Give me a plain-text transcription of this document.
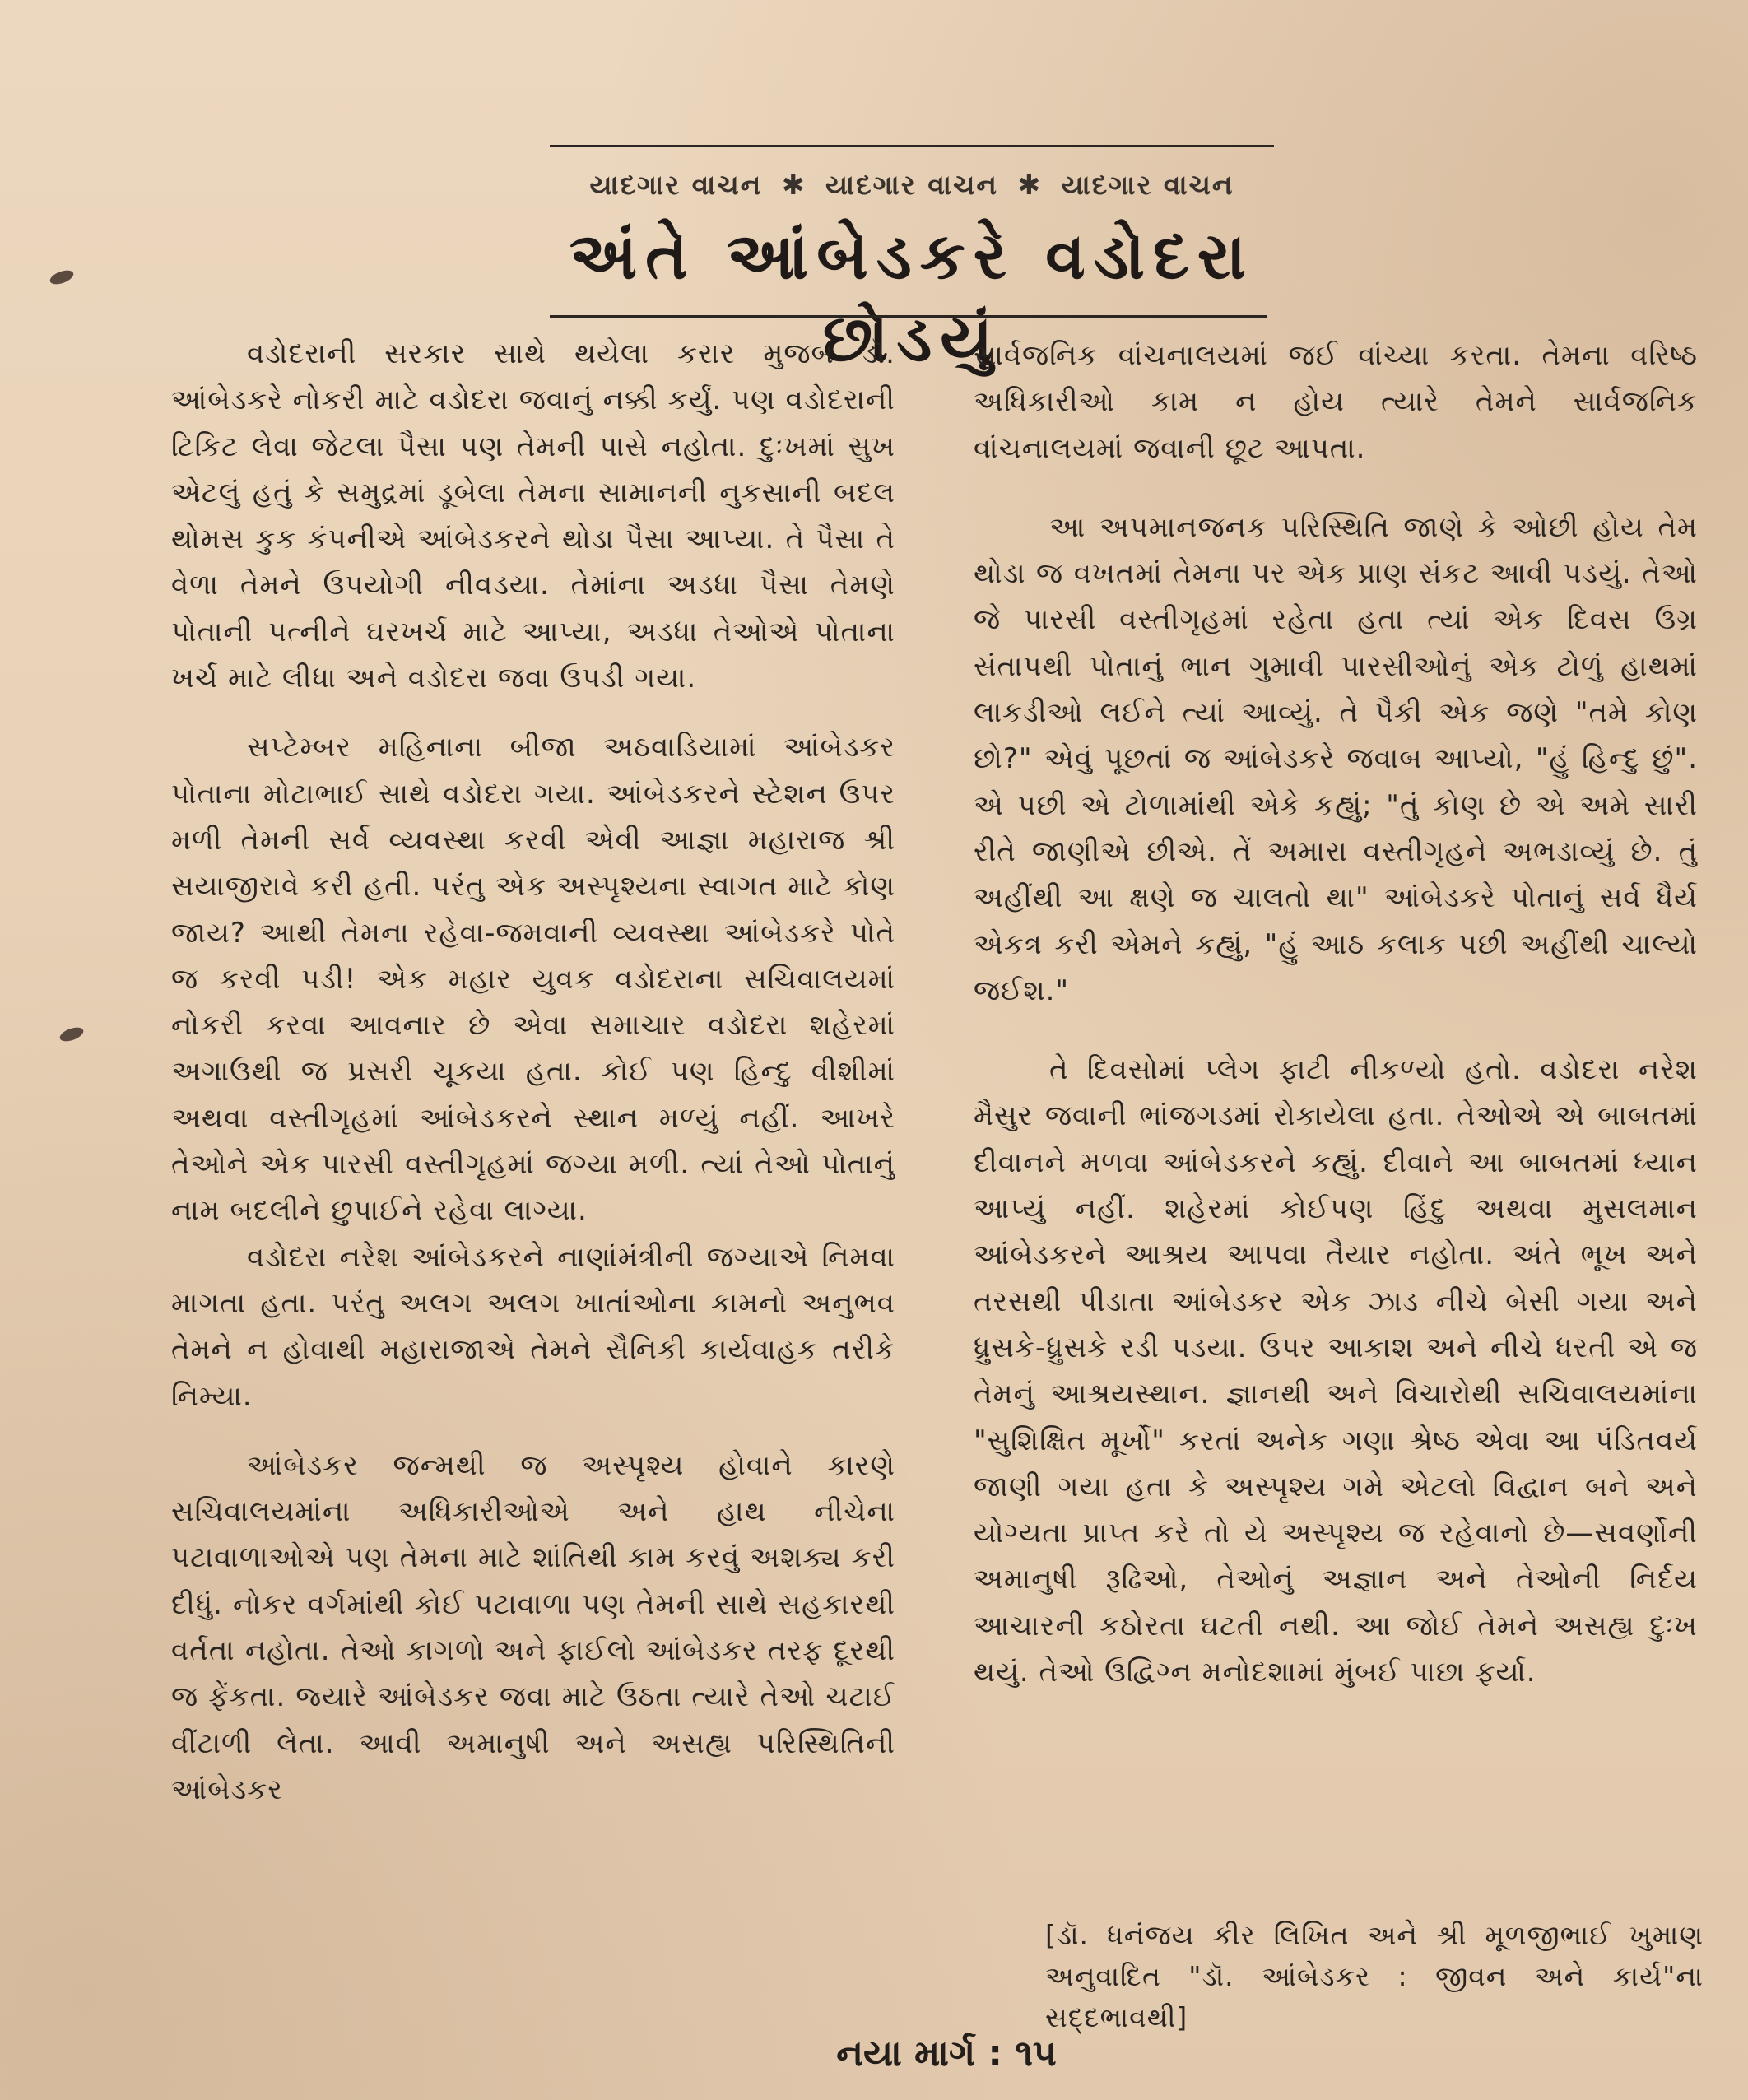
યાદગાર વાચન ✱ યાદગાર વાચન ✱ યાદગાર વાચન
અંતે આંબેડકરે વડોદરા છોડયું

વડોદરાની સરકાર સાથે થયેલા કરાર મુજબ ડૉ. આંબેડકરે નોકરી માટે વડોદરા જવાનું નક્કી કર્યું. પણ વડોદરાની ટિકિટ લેવા જેટલા પૈસા પણ તેમની પાસે નહોતા. દુઃખમાં સુખ એટલું હતું કે સમુદ્રમાં ડૂબેલા તેમના સામાનની નુકસાની બદલ થોમસ કુક કંપનીએ આંબેડકરને થોડા પૈસા આપ્યા. તે પૈસા તે વેળા તેમને ઉપયોગી નીવડયા. તેમાંના અડધા પૈસા તેમણે પોતાની પત્નીને ઘરખર્ચ માટે આપ્યા, અડધા તેઓએ પોતાના ખર્ચ માટે લીધા અને વડોદરા જવા ઉપડી ગયા.

સપ્ટેમ્બર મહિનાના બીજા અઠવાડિયામાં આંબેડકર પોતાના મોટાભાઈ સાથે વડોદરા ગયા. આંબેડકરને સ્ટેશન ઉપર મળી તેમની સર્વ વ્યવસ્થા કરવી એવી આજ્ઞા મહારાજ શ્રી સયાજીરાવે કરી હતી. પરંતુ એક અસ્પૃશ્યના સ્વાગત માટે કોણ જાય? આથી તેમના રહેવા-જમવાની વ્યવસ્થા આંબેડકરે પોતે જ કરવી પડી! એક મહાર યુવક વડોદરાના સચિવાલયમાં નોકરી કરવા આવનાર છે એવા સમાચાર વડોદરા શહેરમાં અગાઉથી જ પ્રસરી ચૂકયા હતા. કોઈ પણ હિન્દુ વીશીમાં અથવા વસ્તીગૃહમાં આંબેડકરને સ્થાન મળ્યું નહીં. આખરે તેઓને એક પારસી વસ્તીગૃહમાં જગ્યા મળી. ત્યાં તેઓ પોતાનું નામ બદલીને છુપાઈને રહેવા લાગ્યા.

વડોદરા નરેશ આંબેડકરને નાણાંમંત્રીની જગ્યાએ નિમવા માગતા હતા. પરંતુ અલગ અલગ ખાતાંઓના કામનો અનુભવ તેમને ન હોવાથી મહારાજાએ તેમને સૈનિકી કાર્યવાહક તરીકે નિમ્યા.

આંબેડકર જન્મથી જ અસ્પૃશ્ય હોવાને કારણે સચિવાલયમાંના અધિકારીઓએ અને હાથ નીચેના પટાવાળાઓએ પણ તેમના માટે શાંતિથી કામ કરવું અશક્ય કરી દીધું. નોકર વર્ગમાંથી કોઈ પટાવાળા પણ તેમની સાથે સહકારથી વર્તતા નહોતા. તેઓ કાગળો અને ફાઈલો આંબેડકર તરફ દૂરથી જ ફેંકતા. જ્યારે આંબેડકર જવા માટે ઉઠતા ત્યારે તેઓ ચટાઈ વીંટાળી લેતા. આવી અમાનુષી અને અસહ્ય પરિસ્થિતિની આંબેડકર

સાર્વજનિક વાંચનાલયમાં જઈ વાંચ્યા કરતા. તેમના વરિષ્ઠ અધિકારીઓ કામ ન હોય ત્યારે તેમને સાર્વજનિક વાંચનાલયમાં જવાની છૂટ આપતા.

આ અપમાનજનક પરિસ્થિતિ જાણે કે ઓછી હોય તેમ થોડા જ વખતમાં તેમના પર એક પ્રાણ સંકટ આવી પડયું. તેઓ જે પારસી વસ્તીગૃહમાં રહેતા હતા ત્યાં એક દિવસ ઉગ્ર સંતાપથી પોતાનું ભાન ગુમાવી પારસીઓનું એક ટોળું હાથમાં લાકડીઓ લઈને ત્યાં આવ્યું. તે પૈકી એક જણે "તમે કોણ છો?" એવું પૂછતાં જ આંબેડકરે જવાબ આપ્યો, "હું હિન્દુ છું". એ પછી એ ટોળામાંથી એકે કહ્યું; "તું કોણ છે એ અમે સારી રીતે જાણીએ છીએ. તેં અમારા વસ્તીગૃહને અભડાવ્યું છે. તું અહીંથી આ ક્ષણે જ ચાલતો થા" આંબેડકરે પોતાનું સર્વ ધૈર્ય એકત્ર કરી એમને કહ્યું, "હું આઠ કલાક પછી અહીંથી ચાલ્યો જઈશ."

તે દિવસોમાં પ્લેગ ફાટી નીકળ્યો હતો. વડોદરા નરેશ મૈસુર જવાની ભાંજગડમાં રોકાયેલા હતા. તેઓએ એ બાબતમાં દીવાનને મળવા આંબેડકરને કહ્યું. દીવાને આ બાબતમાં ધ્યાન આપ્યું નહીં. શહેરમાં કોઈપણ હિંદુ અથવા મુસલમાન આંબેડકરને આશ્રય આપવા તૈયાર નહોતા. અંતે ભૂખ અને તરસથી પીડાતા આંબેડકર એક ઝાડ નીચે બેસી ગયા અને ધ્રુસકે-ધ્રુસકે રડી પડયા. ઉપર આકાશ અને નીચે ધરતી એ જ તેમનું આશ્રયસ્થાન. જ્ઞાનથી અને વિચારોથી સચિવાલયમાંના "સુશિક્ષિત મૂર્ખો" કરતાં અનેક ગણા શ્રેષ્ઠ એવા આ પંડિતવર્ય જાણી ગયા હતા કે અસ્પૃશ્ય ગમે એટલો વિદ્વાન બને અને યોગ્યતા પ્રાપ્ત કરે તો યે અસ્પૃશ્ય જ રહેવાનો છે—સવર્ણોની અમાનુષી રૂઢિઓ, તેઓનું અજ્ઞાન અને તેઓની નિર્દય આચારની કઠોરતા ઘટતી નથી. આ જોઈ તેમને અસહ્ય દુઃખ થયું. તેઓ ઉદ્વિગ્ન મનોદશામાં મુંબઈ પાછા ફર્યા.

[ડૉ. ધનંજય કીર લિખિત અને શ્રી મૂળજીભાઈ ખુમાણ અનુવાદિત "ડૉ. આંબેડકર : જીવન અને કાર્ય"ના સદ્દભાવથી]
નયા માર્ગ : ૧૫
